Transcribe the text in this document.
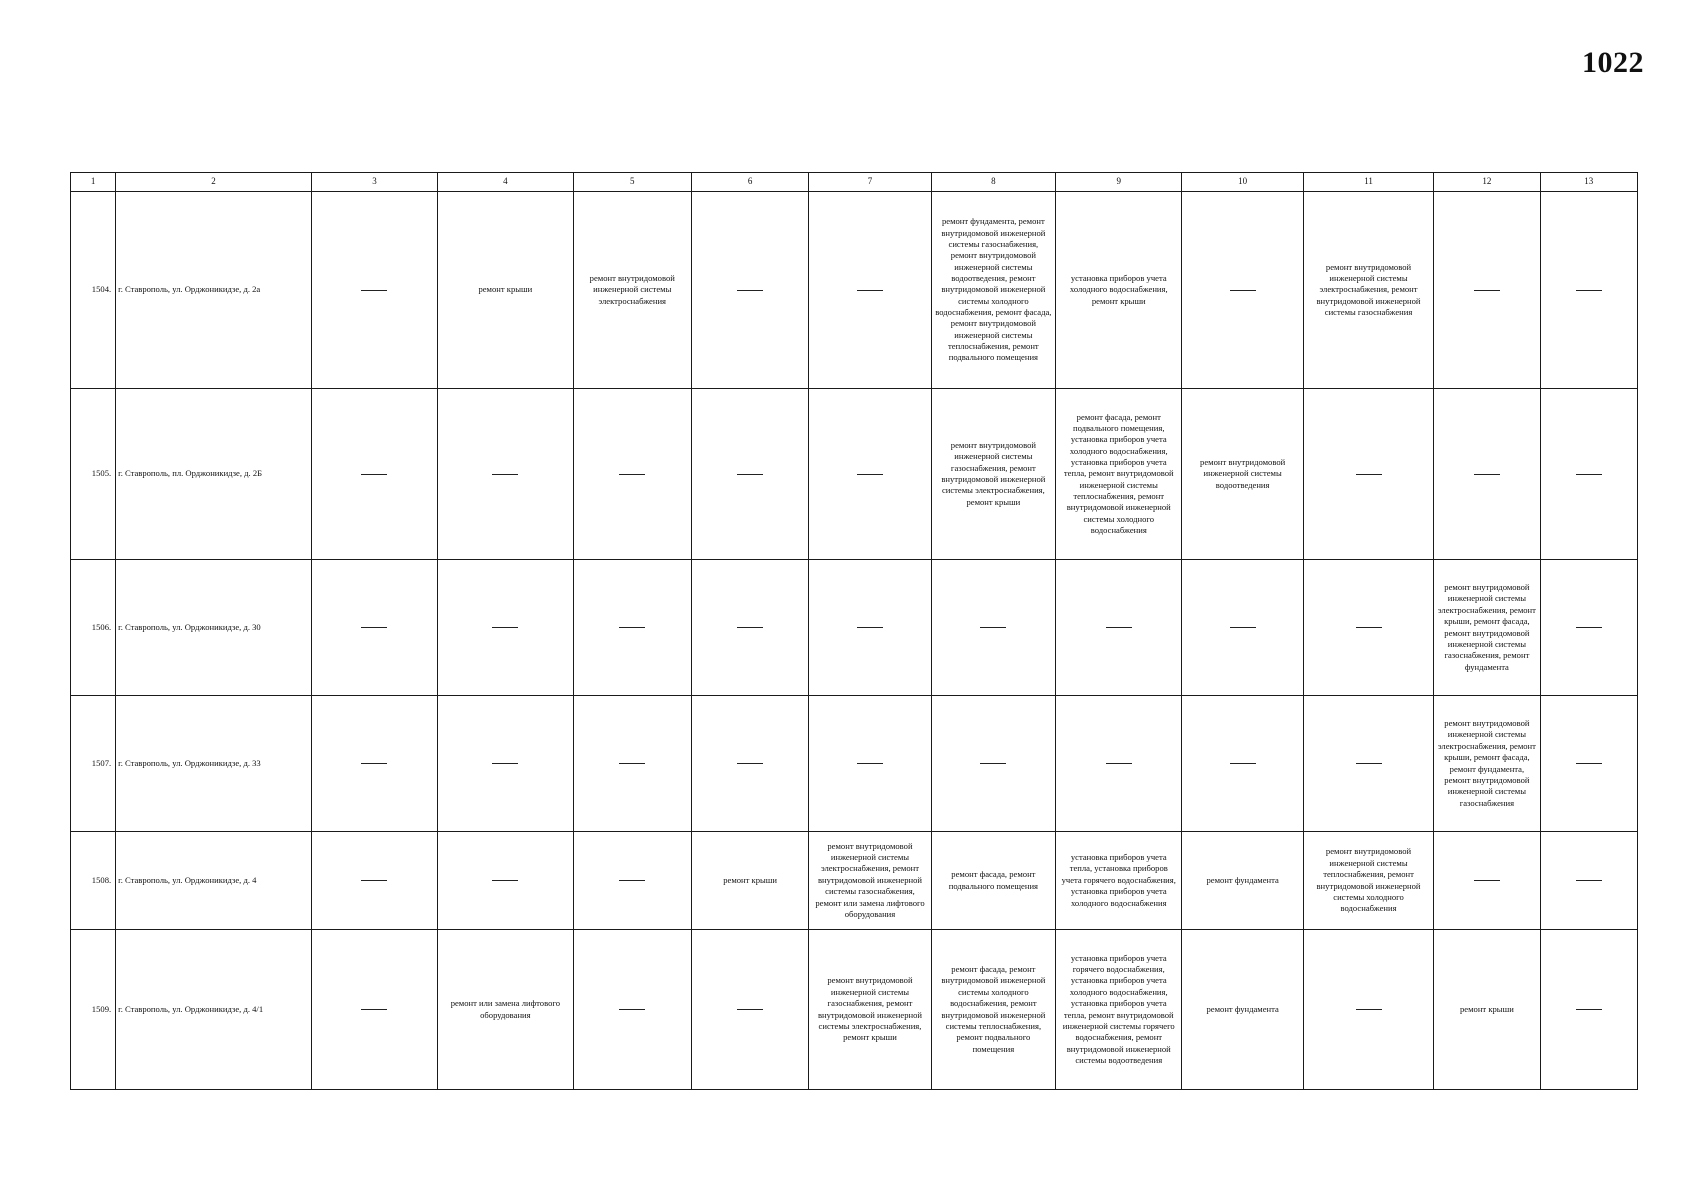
1022
1	2	3	4	5	6	7	8	9	10	11	12	13
1504.	г. Ставрополь, ул. Орджоникидзе, д. 2а		ремонт крыши	ремонт внутридомовой инженерной системы электроснабжения			ремонт фундамента, ремонт внутридомовой инженерной системы газоснабжения, ремонт внутридомовой инженерной системы водоотведения, ремонт внутридомовой инженерной системы холодного водоснабжения, ремонт фасада, ремонт внутридомовой инженерной системы теплоснабжения, ремонт подвального помещения	установка приборов учета холодного водоснабжения, ремонт крыши		ремонт внутридомовой инженерной системы электроснабжения, ремонт внутридомовой инженерной системы газоснабжения		
1505.	г. Ставрополь, пл. Орджоникидзе, д. 2Б						ремонт внутридомовой инженерной системы газоснабжения, ремонт внутридомовой инженерной системы электроснабжения, ремонт крыши	ремонт фасада, ремонт подвального помещения, установка приборов учета холодного водоснабжения, установка приборов учета тепла, ремонт внутридомовой инженерной системы теплоснабжения, ремонт внутридомовой инженерной системы холодного водоснабжения	ремонт внутридомовой инженерной системы водоотведения			
1506.	г. Ставрополь, ул. Орджоникидзе, д. 30										ремонт внутридомовой инженерной системы электроснабжения, ремонт крыши, ремонт фасада, ремонт внутридомовой инженерной системы газоснабжения, ремонт фундамента	
1507.	г. Ставрополь, ул. Орджоникидзе, д. 33										ремонт внутридомовой инженерной системы электроснабжения, ремонт крыши, ремонт фасада, ремонт фундамента, ремонт внутридомовой инженерной системы газоснабжения	
1508.	г. Ставрополь, ул. Орджоникидзе, д. 4				ремонт крыши	ремонт внутридомовой инженерной системы электроснабжения, ремонт внутридомовой инженерной системы газоснабжения, ремонт или замена лифтового оборудования	ремонт фасада, ремонт подвального помещения	установка приборов учета тепла, установка приборов учета горячего водоснабжения, установка приборов учета холодного водоснабжения	ремонт фундамента	ремонт внутридомовой инженерной системы теплоснабжения, ремонт внутридомовой инженерной системы холодного водоснабжения		
1509.	г. Ставрополь, ул. Орджоникидзе, д. 4/1		ремонт или замена лифтового оборудования			ремонт внутридомовой инженерной системы газоснабжения, ремонт внутридомовой инженерной системы электроснабжения, ремонт крыши	ремонт фасада, ремонт внутридомовой инженерной системы холодного водоснабжения, ремонт внутридомовой инженерной системы теплоснабжения, ремонт подвального помещения	установка приборов учета горячего водоснабжения, установка приборов учета холодного водоснабжения, установка приборов учета тепла, ремонт внутридомовой инженерной системы горячего водоснабжения, ремонт внутридомовой инженерной системы водоотведения	ремонт фундамента		ремонт крыши	
